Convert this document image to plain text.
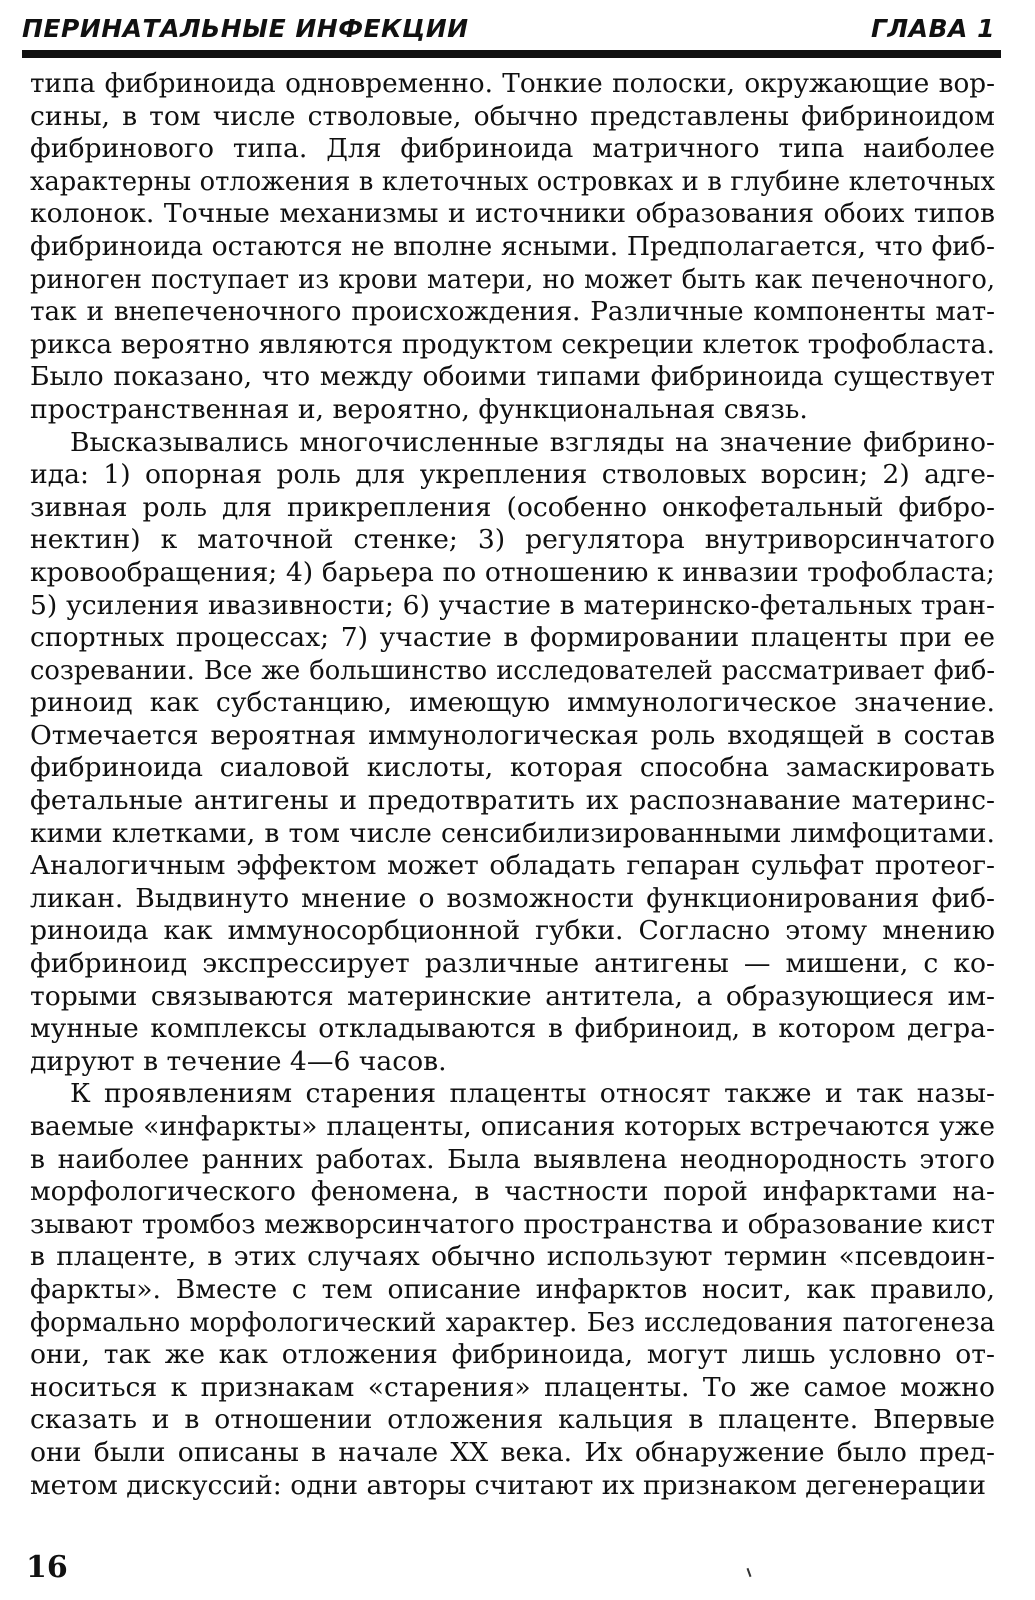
ПЕРИНАТАЛЬНЫЕ ИНФЕКЦИИ	ГЛАВА 1

типа фибриноида одновременно. Тонкие полоски, окружающие вор-
сины, в том числе стволовые, обычно представлены фибриноидом
фибринового типа. Для фибриноида матричного типа наиболее
характерны отложения в клеточных островках и в глубине клеточных
колонок. Точные механизмы и источники образования обоих типов
фибриноида остаются не вполне ясными. Предполагается, что фиб-
риноген поступает из крови матери, но может быть как печеночного,
так и внепеченочного происхождения. Различные компоненты мат-
рикса вероятно являются продуктом секреции клеток трофобласта.
Было показано, что между обоими типами фибриноида существует
пространственная и, вероятно, функциональная связь.

Высказывались многочисленные взгляды на значение фибрино-
ида: 1) опорная роль для укрепления стволовых ворсин; 2) адге-
зивная роль для прикрепления (особенно онкофетальный фибро-
нектин) к маточной стенке; 3) регулятора внутриворсинчатого
кровообращения; 4) барьера по отношению к инвазии трофобласта;
5) усиления ивазивности; 6) участие в материнско-фетальных тран-
спортных процессах; 7) участие в формировании плаценты при ее
созревании. Все же большинство исследователей рассматривает фиб-
риноид как субстанцию, имеющую иммунологическое значение.
Отмечается вероятная иммунологическая роль входящей в состав
фибриноида сиаловой кислоты, которая способна замаскировать
фетальные антигены и предотвратить их распознавание материнс-
кими клетками, в том числе сенсибилизированными лимфоцитами.
Аналогичным эффектом может обладать гепаран сульфат протеог-
ликан. Выдвинуто мнение о возможности функционирования фиб-
риноида как иммуносорбционной губки. Согласно этому мнению
фибриноид экспрессирует различные антигены — мишени, с ко-
торыми связываются материнские антитела, а образующиеся им-
мунные комплексы откладываются в фибриноид, в котором дегра-
дируют в течение 4—6 часов.

К проявлениям старения плаценты относят также и так назы-
ваемые «инфаркты» плаценты, описания которых встречаются уже
в наиболее ранних работах. Была выявлена неоднородность этого
морфологического феномена, в частности порой инфарктами на-
зывают тромбоз межворсинчатого пространства и образование кист
в плаценте, в этих случаях обычно используют термин «псевдоин-
фаркты». Вместе с тем описание инфарктов носит, как правило,
формально морфологический характер. Без исследования патогенеза
они, так же как отложения фибриноида, могут лишь условно от-
носиться к признакам «старения» плаценты. То же самое можно
сказать и в отношении отложения кальция в плаценте. Впервые
они были описаны в начале XX века. Их обнаружение было пред-
метом дискуссий: одни авторы считают их признаком дегенерации

16
